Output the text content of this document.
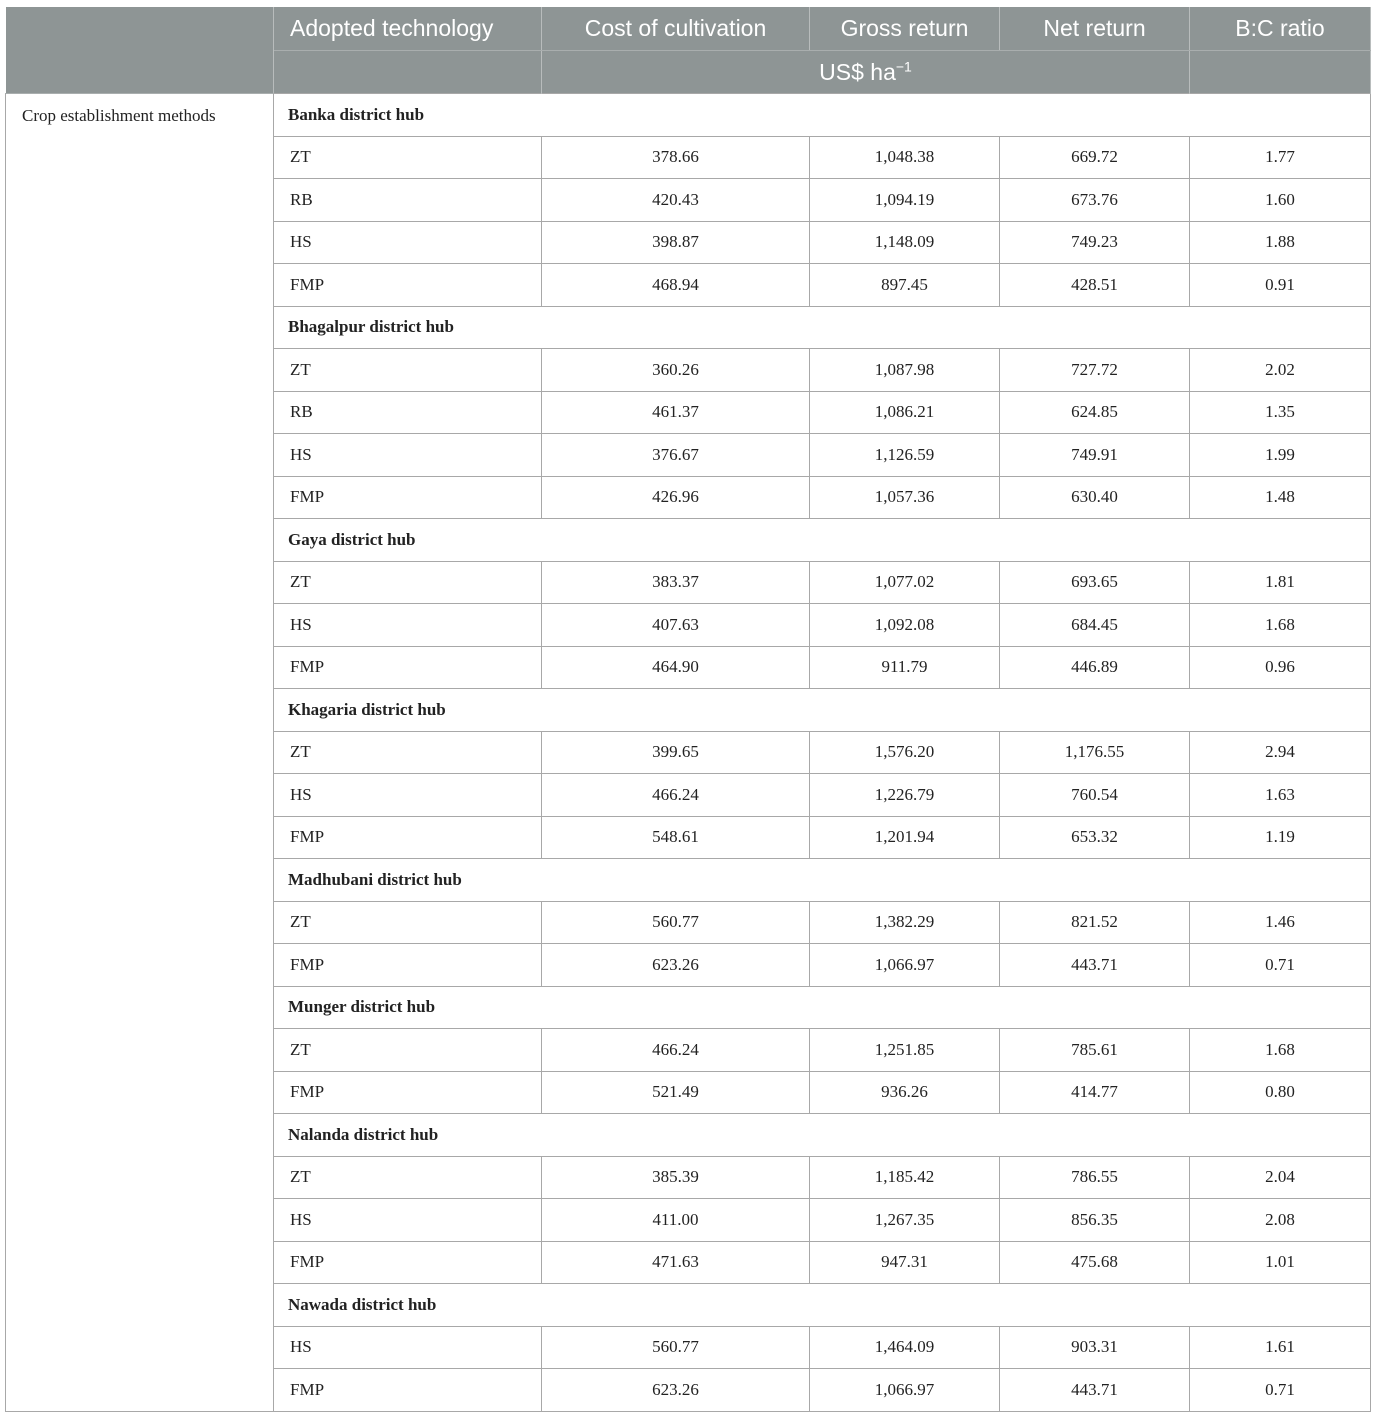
	Adopted technology	Cost of cultivation	Gross return	Net return	B:C ratio
		US$ $ha^{-1}$	
Crop establishment methods	Banka district hub				
	ZT	378.66	1,048.38	669.72	1.77
	RB	420.43	1,094.19	673.76	1.60
	HS	398.87	1,148.09	749.23	1.88
	FMP	468.94	897.45	428.51	0.91
	Bhagalpur district hub				
	ZT	360.26	1,087.98	727.72	2.02
	RB	461.37	1,086.21	624.85	1.35
	HS	376.67	1,126.59	749.91	1.99
	FMP	426.96	1,057.36	630.40	1.48
	Gaya district hub				
	ZT	383.37	1,077.02	693.65	1.81
	HS	407.63	1,092.08	684.45	1.68
	FMP	464.90	911.79	446.89	0.96
	Khagaria district hub				
	ZT	399.65	1,576.20	1,176.55	2.94
	HS	466.24	1,226.79	760.54	1.63
	FMP	548.61	1,201.94	653.32	1.19
	Madhubani district hub				
	ZT	560.77	1,382.29	821.52	1.46
	FMP	623.26	1,066.97	443.71	0.71
	Munger district hub				
	ZT	466.24	1,251.85	785.61	1.68
	FMP	521.49	936.26	414.77	0.80
	Nalanda district hub				
	ZT	385.39	1,185.42	786.55	2.04
	HS	411.00	1,267.35	856.35	2.08
	FMP	471.63	947.31	475.68	1.01
	Nawada district hub				
	HS	560.77	1,464.09	903.31	1.61
	FMP	623.26	1,066.97	443.71	0.71
